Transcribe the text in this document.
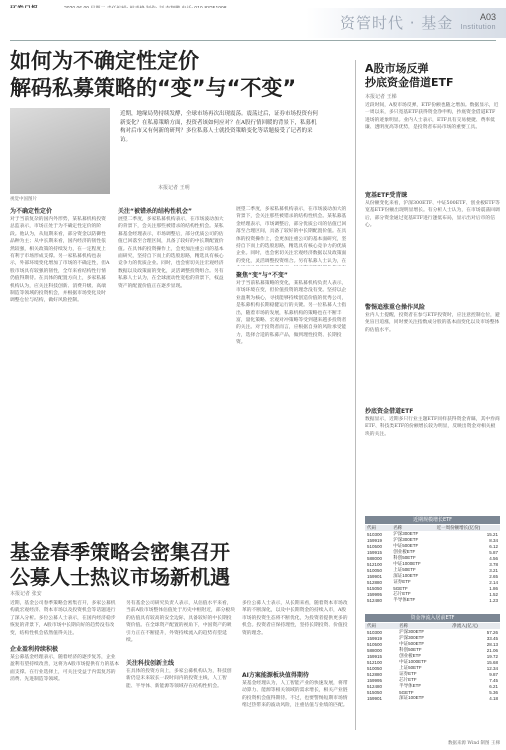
资管时代 · 基金	A03
Institution
如何为不确定性定价
解码私募策略的“变”与“不变”
视觉中国图片
近期，地缘局势持续发酵，全球市场再次出现震荡。震荡过后，证券市场投资有何新变化？在私募策略方面，投资者该如何应对？在A股行情回暖的背景下，私募机构对后市又有何新的研判？多位私募人士就投资策略变化等话题接受了记者的采访。
本报记者 王明
为不确定性定价
对于当前复杂的国内外形势，某私募机构投资总监表示，市场正处于为不确定性定价的阶段。他认为，从短期来看，部分资金以防御性品种为主；从中长期来看，国内经济的韧性依然较强，相关政策的持续发力，在一定程度上有利于市场形成支撑。另一家私募机构也表示，外部环境变化增加了市场的不确定性，但A股市场具有较强的韧性，全年来看结构性行情仍值得期待。在具体的配置方向上，多家私募机构认为，应关注科技创新、消费升级、高端制造等领域的投资机会，并根据市场变化及时调整仓位与结构，做好风险控制。
关注“被错杀的结构性机会”
展望二季度，多家私募机构表示，在市场波动加大的背景下，会关注那些被错杀的结构性机会。某私募基金经理表示，市场调整后，部分优质公司的估值已回落至合理区间，具备了较好的中长期配置价值。在具体的投资操作上，会更加注重公司的基本面研究，坚持自下而上的选股思路，精选具有核心竞争力的优质企业。同时，也会密切关注宏观经济数据以及政策面的变化，灵活调整投资组合。另有私募人士认为，在全球流动性宽松的背景下，权益资产的配置价值正在逐步显现。
聚焦“变”与“不变”
展望二季度，多家私募机构表示，在市场波动加大的背景下，会关注那些被错杀的结构性机会。某私募基金经理表示，市场调整后，部分优质公司的估值已回落至合理区间，具备了较好的中长期配置价值。在具体的投资操作上，会更加注重公司的基本面研究，坚持自下而上的选股思路，精选具有核心竞争力的优质企业。同时，也会密切关注宏观经济数据以及政策面的变化，灵活调整投资组合。另有私募人士认为，在
对于当前私募策略的变化，某私募机构负责人表示，市场环境在变，但价值投资的理念没有变。坚持以企业盈利为核心，寻找能够持续创造价值的优秀公司，是私募机构长期稳健运行的关键。另一位私募人士指出，随着市场的发展，私募机构的策略也在不断丰富，量化策略、宏观对冲策略等受到越来越多投资者的关注。对于投资者而言，应根据自身的风险承受能力，选择合适的私募产品，做到理性投资、长期投资。
A股市场反弹
抄底资金借道ETF
本报记者 王梯
近段时间，A股市场反弹，ETF份额也随之增加。数据显示，近一周以来，多只宽基ETF获得资金净申购，抄底资金借道ETF进场的迹象明显。业内人士表示，ETF具有交易便捷、费率低廉、透明度高等优势，是投资者布局市场的重要工具。
宽基ETF受青睐
从份额变化来看，沪深300ETF、中证500ETF、创业板ETF等宽基ETF份额出现明显增长。有分析人士认为，在市场震荡回调后，部分资金通过宽基ETF进行逢低布局，显示出对后市的信心。
警惕追涨重仓操作风险
业内人士提醒，投资者在参与ETF投资时，应注意控制仓位，避免盲目追涨，同时要关注指数成分股的基本面变化以及市场整体的估值水平。
抄底资金借道ETF
数据显示，近期多只行业主题ETF同样获得资金青睐，其中券商ETF、科技类ETF的份额增长较为明显，反映出资金对相关板块的关注。
近期规模增长ETF
代码	名称	近一周份额增长(亿份)
510300	沪深300ETF	15.21
159919	沪深300ETF	8.34
510500	中证500ETF	6.12
159915	创业板ETF	5.87
588000	科创50ETF	4.56
512100	中证1000ETF	3.78
510050	上证50ETF	3.21
159901	深证100ETF	2.65
512880	证券ETF	2.14
515050	5GETF	1.86
159995	芯片ETF	1.52
512480	半导体ETF	1.23
资金净流入居前ETF
代码	名称	净流入(亿元)
510300	沪深300ETF	57.26
159919	沪深300ETF	33.45
510500	中证500ETF	28.13
588000	科创50ETF	21.06
159915	创业板ETF	19.72
512100	中证1000ETF	15.68
510050	上证50ETF	12.34
512880	证券ETF	9.87
159995	芯片ETF	7.45
512480	半导体ETF	6.21
515050	5GETF	5.36
159901	深证100ETF	4.18
数据来源 Wind 制图 王梯
基金春季策略会密集召开
公募人士热议市场新机遇
本报记者 张安
近期，基金公司春季策略会密集召开，多家公募机构就宏观经济、资本市场以及投资机会等话题进行了深入分析。多位公募人士表示，在国内经济稳步恢复的背景下，A股市场中长期向好的趋势没有改变，结构性机会依然值得关注。
企业盈利持续积极
某公募基金经理表示，随着经济的逐步复苏，企业盈利有望持续改善，这将为A股市场提供有力的基本面支撑。在行业选择上，可关注受益于内需复苏的消费、先进制造等领域。
另有基金公司研究负责人表示，从估值水平来看，当前A股市场整体估值处于历史中枢附近，部分板块的估值具有较高的安全边际，具备较好的中长期投资价值。在全球资产配置的视角下，中国资产的吸引力正在不断提升，外资持续流入的趋势有望延续。
关注科技创新主线
在具体的投资方向上，多家公募机构认为，科技创新仍是未来较长一段时间内的投资主线，人工智能、半导体、新能源等领域存在结构性机会。
多位公募人士表示，从长期来看，随着资本市场改革的不断深化，以及中长期资金的持续入市，A股市场的投资生态将不断优化，为投资者提供更多的机会。投资者应保持理性，坚持长期投资、价值投资的理念。
AI方案能源板块值得期待
某基金经理认为，人工智能产业的快速发展，将带动算力、能源等相关领域的需求增长，相关产业链的投资机会值得期待。不过，也要警惕短期市场情绪过热带来的波动风险，注重估值与业绩的匹配。
